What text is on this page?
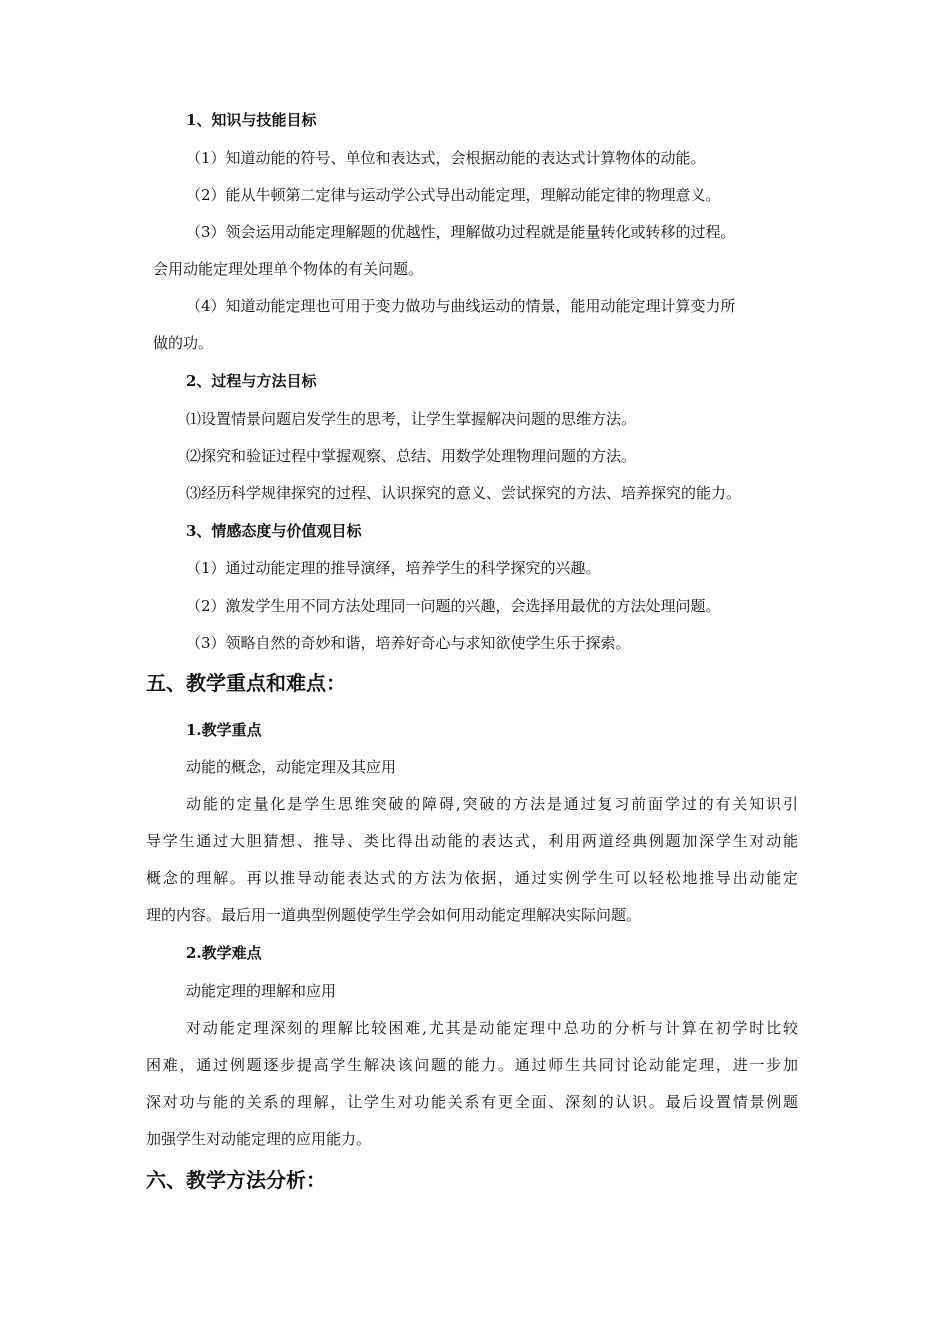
1、知识与技能目标
（1）知道动能的符号、单位和表达式，会根据动能的表达式计算物体的动能。
（2）能从牛顿第二定律与运动学公式导出动能定理，理解动能定律的物理意义。
（3）领会运用动能定理解题的优越性，理解做功过程就是能量转化或转移的过程。
会用动能定理处理单个物体的有关问题。
（4）知道动能定理也可用于变力做功与曲线运动的情景，能用动能定理计算变力所
做的功。
2、过程与方法目标
⑴设置情景问题启发学生的思考，让学生掌握解决问题的思维方法。
⑵探究和验证过程中掌握观察、总结、用数学处理物理问题的方法。
⑶经历科学规律探究的过程、认识探究的意义、尝试探究的方法、培养探究的能力。
3、情感态度与价值观目标
（1）通过动能定理的推导演绎，培养学生的科学探究的兴趣。
（2）激发学生用不同方法处理同一问题的兴趣，会选择用最优的方法处理问题。
（3）领略自然的奇妙和谐，培养好奇心与求知欲使学生乐于探索。
五、教学重点和难点：
1.教学重点
动能的概念，动能定理及其应用
动能的定量化是学生思维突破的障碍,突破的方法是通过复习前面学过的有关知识引
导学生通过大胆猜想、推导、类比得出动能的表达式，利用两道经典例题加深学生对动能
概念的理解。再以推导动能表达式的方法为依据，通过实例学生可以轻松地推导出动能定
理的内容。最后用一道典型例题使学生学会如何用动能定理解决实际问题。
2.教学难点
动能定理的理解和应用
对动能定理深刻的理解比较困难,尤其是动能定理中总功的分析与计算在初学时比较
困难，通过例题逐步提高学生解决该问题的能力。通过师生共同讨论动能定理，进一步加
深对功与能的关系的理解，让学生对功能关系有更全面、深刻的认识。最后设置情景例题
加强学生对动能定理的应用能力。
六、教学方法分析：
